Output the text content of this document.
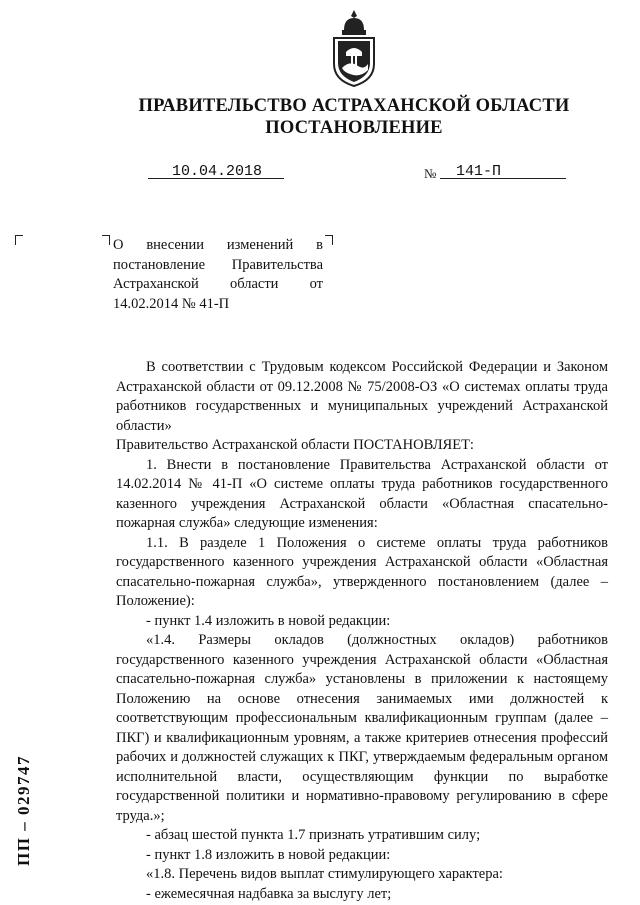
ПРАВИТЕЛЬСТВО АСТРАХАНСКОЙ ОБЛАСТИ
ПОСТАНОВЛЕНИЕ
10.04.2018	№ 141-П
О внесении изменений в постановление Правительства Астраханской области от 14.02.2014 № 41-П

В соответствии с Трудовым кодексом Российской Федерации и Законом Астраханской области от 09.12.2008 № 75/2008-ОЗ «О системах оплаты труда работников государственных и муниципальных учреждений Астраханской области»

Правительство Астраханской области ПОСТАНОВЛЯЕТ:

1. Внести в постановление Правительства Астраханской области от 14.02.2014 № 41-П «О системе оплаты труда работников государственного казенного учреждения Астраханской области «Областная спасательно-пожарная служба» следующие изменения:

1.1. В разделе 1 Положения о системе оплаты труда работников государственного казенного учреждения Астраханской области «Областная спасательно-пожарная служба», утвержденного постановлением (далее – Положение):

- пункт 1.4 изложить в новой редакции:

«1.4. Размеры окладов (должностных окладов) работников государственного казенного учреждения Астраханской области «Областная спасательно-пожарная служба» установлены в приложении к настоящему Положению на основе отнесения занимаемых ими должностей к соответствующим профессиональным квалификационным группам (далее – ПКГ) и квалификационным уровням, а также критериев отнесения профессий рабочих и должностей служащих к ПКГ, утверждаемым федеральным органом исполнительной власти, осуществляющим функции по выработке государственной политики и нормативно-правовому регулированию в сфере труда.»;

- абзац шестой пункта 1.7 признать утратившим силу;

- пункт 1.8 изложить в новой редакции:

«1.8. Перечень видов выплат стимулирующего характера:

- ежемесячная надбавка за выслугу лет;

ПП – 029747
